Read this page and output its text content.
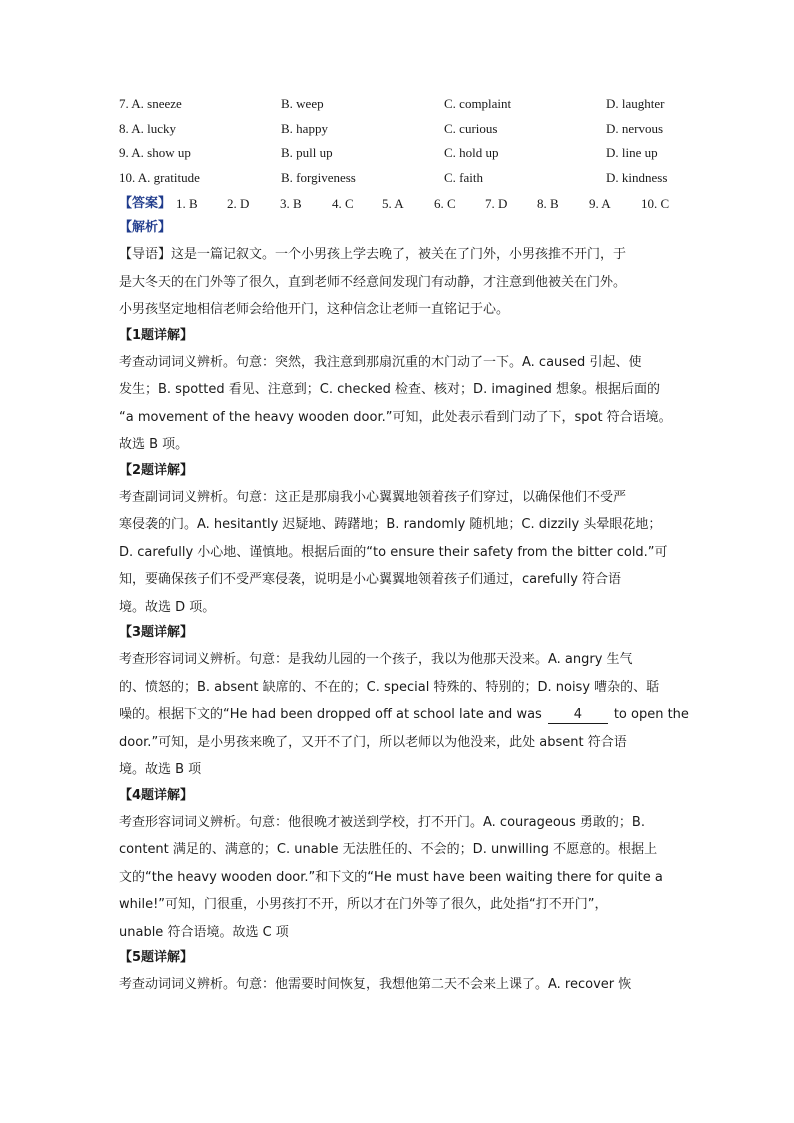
7. A. sneeze	B. weep	C. complaint	D. laughter
8. A. lucky	B. happy	C. curious	D. nervous
9. A. show up	B. pull up	C. hold up	D. line up
10. A. gratitude	B. forgiveness	C. faith	D. kindness
【答案】 1. B 2. D 3. B 4. C 5. A 6. C 7. D 8. B 9. A 10. C
【解析】
【导语】这是一篇记叙文。一个小男孩上学去晚了，被关在了门外，小男孩推不开门，于
是大冬天的在门外等了很久，直到老师不经意间发现门有动静，才注意到他被关在门外。
小男孩坚定地相信老师会给他开门，这种信念让老师一直铭记于心。
【1题详解】
考查动词词义辨析。句意：突然，我注意到那扇沉重的木门动了一下。A. caused 引起、使
发生；B. spotted 看见、注意到；C. checked 检查、核对；D. imagined 想象。根据后面的
“a movement of the heavy wooden door.”可知，此处表示看到门动了下，spot 符合语境。
故选 B 项。
【2题详解】
考查副词词义辨析。句意：这正是那扇我小心翼翼地领着孩子们穿过，以确保他们不受严
寒侵袭的门。A. hesitantly 迟疑地、踌躇地；B. randomly 随机地；C. dizzily 头晕眼花地；
D. carefully 小心地、谨慎地。根据后面的“to ensure their safety from the bitter cold.”可
知，要确保孩子们不受严寒侵袭，说明是小心翼翼地领着孩子们通过，carefully 符合语
境。故选 D 项。
【3题详解】
考查形容词词义辨析。句意：是我幼儿园的一个孩子，我以为他那天没来。A. angry 生气
的、愤怒的；B. absent 缺席的、不在的；C. special 特殊的、特别的；D. noisy 嘈杂的、聒
噪的。根据下文的“He had been dropped off at school late and was 4 to open the
door.”可知，是小男孩来晚了，又开不了门，所以老师以为他没来，此处 absent 符合语
境。故选 B 项
【4题详解】
考查形容词词义辨析。句意：他很晚才被送到学校，打不开门。A. courageous 勇敢的；B.
content 满足的、满意的；C. unable 无法胜任的、不会的；D. unwilling 不愿意的。根据上
文的“the heavy wooden door.”和下文的“He must have been waiting there for quite a
while!”可知，门很重，小男孩打不开，所以才在门外等了很久，此处指“打不开门”，
unable 符合语境。故选 C 项
【5题详解】
考查动词词义辨析。句意：他需要时间恢复，我想他第二天不会来上课了。A. recover 恢
